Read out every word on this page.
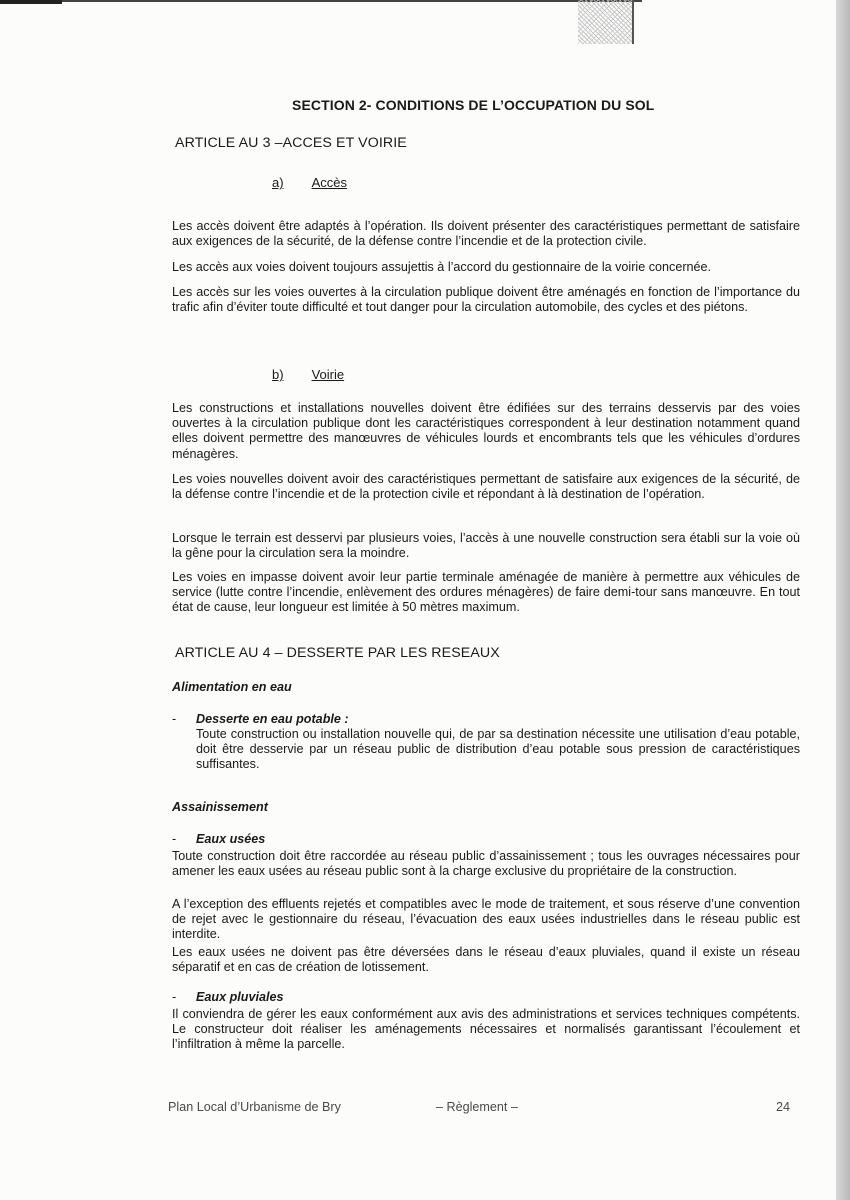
SECTION 2- CONDITIONS DE L’OCCUPATION DU SOL
ARTICLE AU 3 –ACCES ET VOIRIE
a) Accès
Les accès doivent être adaptés à l’opération. Ils doivent présenter des caractéristiques permettant de satisfaire aux exigences de la sécurité, de la défense contre l’incendie et de la protection civile.
Les accès aux voies doivent toujours assujettis à l’accord du gestionnaire de la voirie concernée.
Les accès sur les voies ouvertes à la circulation publique doivent être aménagés en fonction de l’importance du trafic afin d’éviter toute difficulté et tout danger pour la circulation automobile, des cycles et des piétons.
b) Voirie
Les constructions et installations nouvelles doivent être édifiées sur des terrains desservis par des voies ouvertes à la circulation publique dont les caractéristiques correspondent à leur destination notamment quand elles doivent permettre des manœuvres de véhicules lourds et encombrants tels que les véhicules d’ordures ménagères.
Les voies nouvelles doivent avoir des caractéristiques permettant de satisfaire aux exigences de la sécurité, de la défense contre l’incendie et de la protection civile et répondant à là destination de l’opération.
Lorsque le terrain est desservi par plusieurs voies, l’accès à une nouvelle construction sera établi sur la voie où la gêne pour la circulation sera la moindre.
Les voies en impasse doivent avoir leur partie terminale aménagée de manière à permettre aux véhicules de service (lutte contre l’incendie, enlèvement des ordures ménagères) de faire demi-tour sans manœuvre. En tout état de cause, leur longueur est limitée à 50 mètres maximum.
ARTICLE AU 4 – DESSERTE PAR LES RESEAUX
Alimentation en eau
- Desserte en eau potable :
Toute construction ou installation nouvelle qui, de par sa destination nécessite une utilisation d’eau potable, doit être desservie par un réseau public de distribution d’eau potable sous pression de caractéristiques suffisantes.
Assainissement
- Eaux usées
Toute construction doit être raccordée au réseau public d’assainissement ; tous les ouvrages nécessaires pour amener les eaux usées au réseau public sont à la charge exclusive du propriétaire de la construction.
A l’exception des effluents rejetés et compatibles avec le mode de traitement, et sous réserve d’une convention de rejet avec le gestionnaire du réseau, l’évacuation des eaux usées industrielles dans le réseau public est interdite.
Les eaux usées ne doivent pas être déversées dans le réseau d’eaux pluviales, quand il existe un réseau séparatif et en cas de création de lotissement.
- Eaux pluviales
Il conviendra de gérer les eaux conformément aux avis des administrations et services techniques compétents. Le constructeur doit réaliser les aménagements nécessaires et normalisés garantissant l’écoulement et l’infiltration à même la parcelle.
Plan Local d’Urbanisme de Bry	– Règlement –	24
